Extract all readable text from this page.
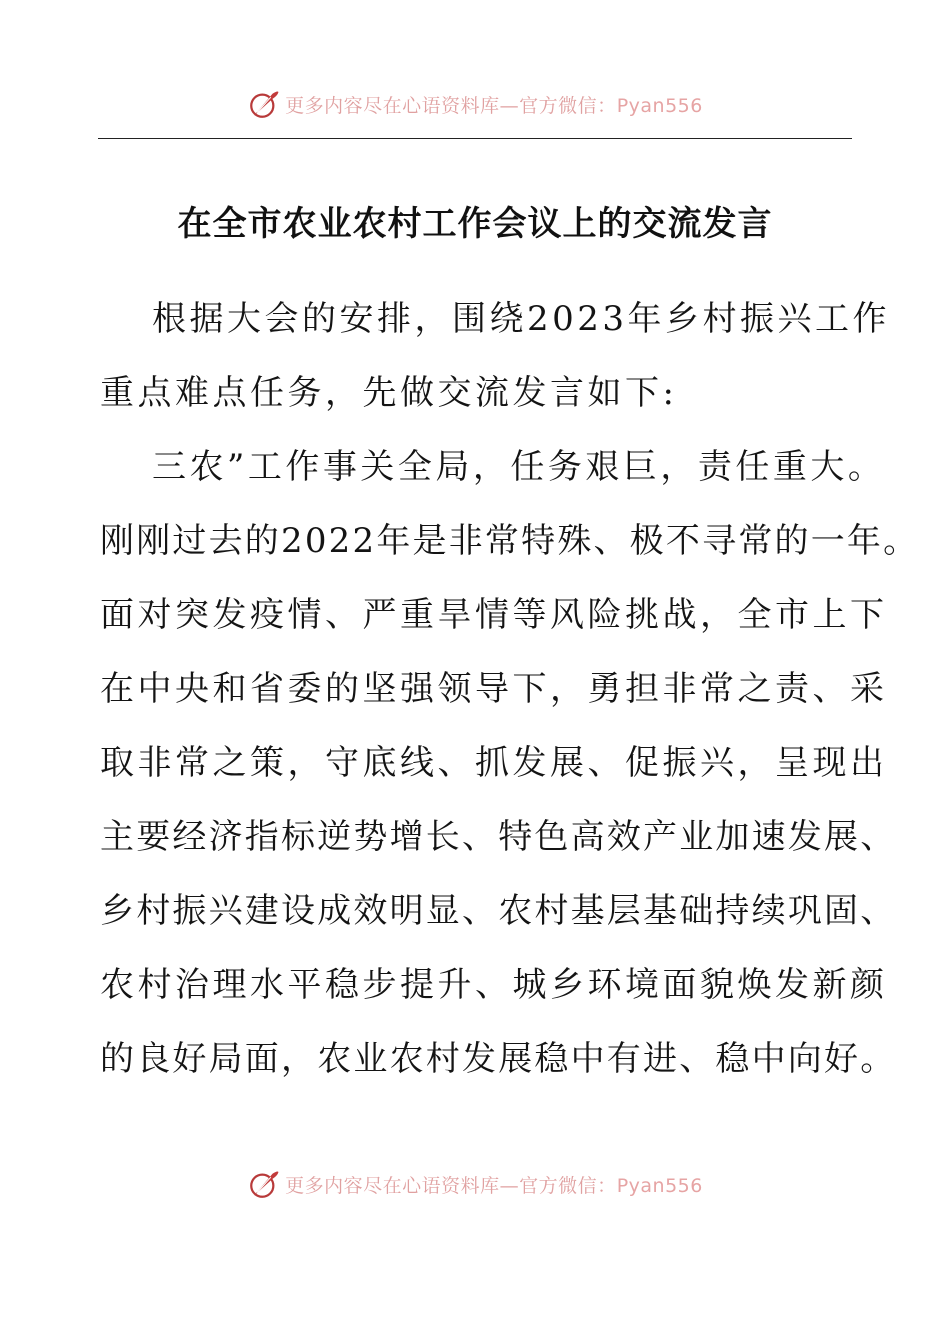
更多内容尽在心语资料库—官方微信：Pyan556
在全市农业农村工作会议上的交流发言
根据大会的安排，围绕2023年乡村振兴工作
重点难点任务，先做交流发言如下:
三农”工作事关全局，任务艰巨，责任重大。
刚刚过去的2022年是非常特殊、极不寻常的一年。
面对突发疫情、严重旱情等风险挑战，全市上下
在中央和省委的坚强领导下，勇担非常之责、采
取非常之策，守底线、抓发展、促振兴，呈现出
主要经济指标逆势增长、特色高效产业加速发展、
乡村振兴建设成效明显、农村基层基础持续巩固、
农村治理水平稳步提升、城乡环境面貌焕发新颜
的良好局面，农业农村发展稳中有进、稳中向好。
更多内容尽在心语资料库—官方微信：Pyan556
